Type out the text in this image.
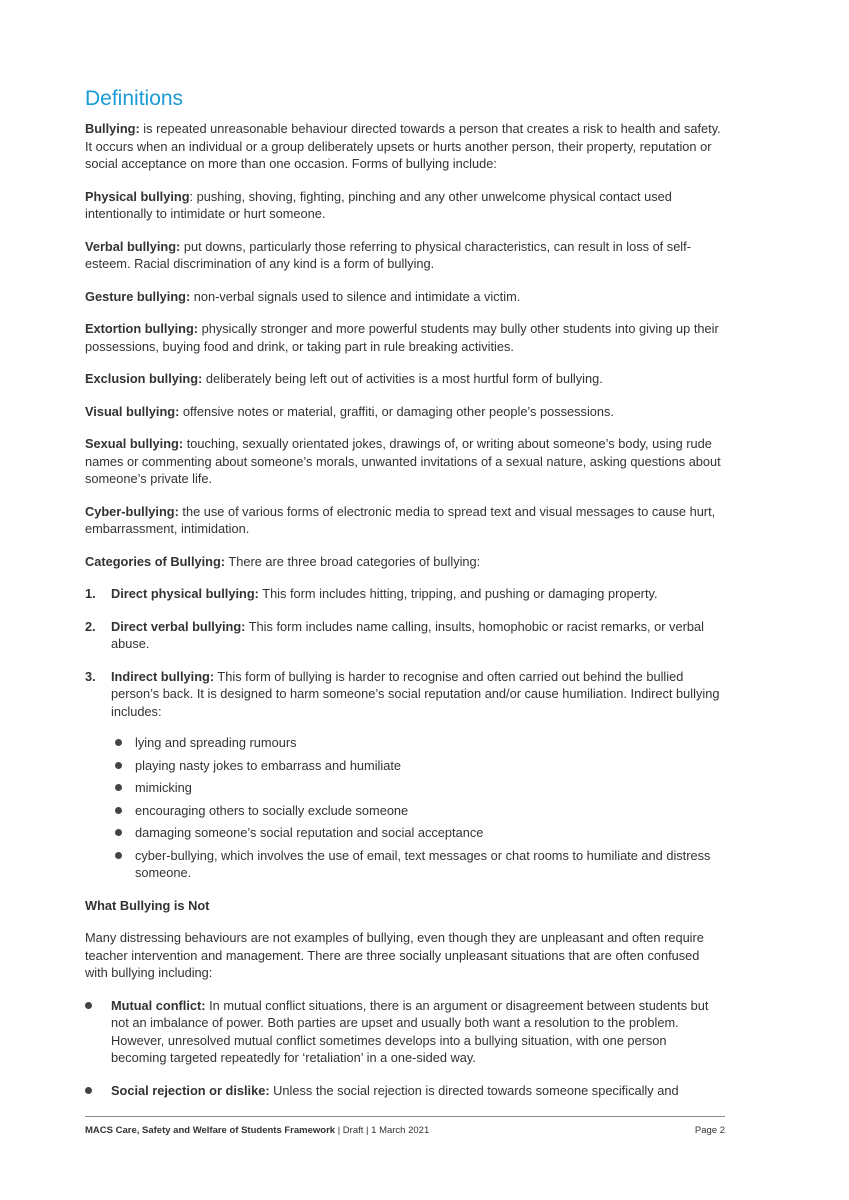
Definitions

Bullying: is repeated unreasonable behaviour directed towards a person that creates a risk to health and safety. It occurs when an individual or a group deliberately upsets or hurts another person, their property, reputation or social acceptance on more than one occasion. Forms of bullying include:

Physical bullying: pushing, shoving, fighting, pinching and any other unwelcome physical contact used intentionally to intimidate or hurt someone.

Verbal bullying: put downs, particularly those referring to physical characteristics, can result in loss of self-esteem. Racial discrimination of any kind is a form of bullying.

Gesture bullying: non-verbal signals used to silence and intimidate a victim.

Extortion bullying: physically stronger and more powerful students may bully other students into giving up their possessions, buying food and drink, or taking part in rule breaking activities.

Exclusion bullying: deliberately being left out of activities is a most hurtful form of bullying.

Visual bullying: offensive notes or material, graffiti, or damaging other people’s possessions.

Sexual bullying: touching, sexually orientated jokes, drawings of, or writing about someone’s body, using rude names or commenting about someone’s morals, unwanted invitations of a sexual nature, asking questions about someone’s private life.

Cyber-bullying: the use of various forms of electronic media to spread text and visual messages to cause hurt, embarrassment, intimidation.

Categories of Bullying: There are three broad categories of bullying:

1. Direct physical bullying: This form includes hitting, tripping, and pushing or damaging property.
2. Direct verbal bullying: This form includes name calling, insults, homophobic or racist remarks, or verbal abuse.
3. Indirect bullying: This form of bullying is harder to recognise and often carried out behind the bullied person’s back. It is designed to harm someone’s social reputation and/or cause humiliation. Indirect bullying includes:
lying and spreading rumours
playing nasty jokes to embarrass and humiliate
mimicking
encouraging others to socially exclude someone
damaging someone’s social reputation and social acceptance
cyber-bullying, which involves the use of email, text messages or chat rooms to humiliate and distress someone.

What Bullying is Not

Many distressing behaviours are not examples of bullying, even though they are unpleasant and often require teacher intervention and management. There are three socially unpleasant situations that are often confused with bullying including:

Mutual conflict: In mutual conflict situations, there is an argument or disagreement between students but not an imbalance of power. Both parties are upset and usually both want a resolution to the problem. However, unresolved mutual conflict sometimes develops into a bullying situation, with one person becoming targeted repeatedly for ‘retaliation’ in a one-sided way.
Social rejection or dislike: Unless the social rejection is directed towards someone specifically and
MACS Care, Safety and Welfare of Students Framework | Draft | 1 March 2021	Page 2
